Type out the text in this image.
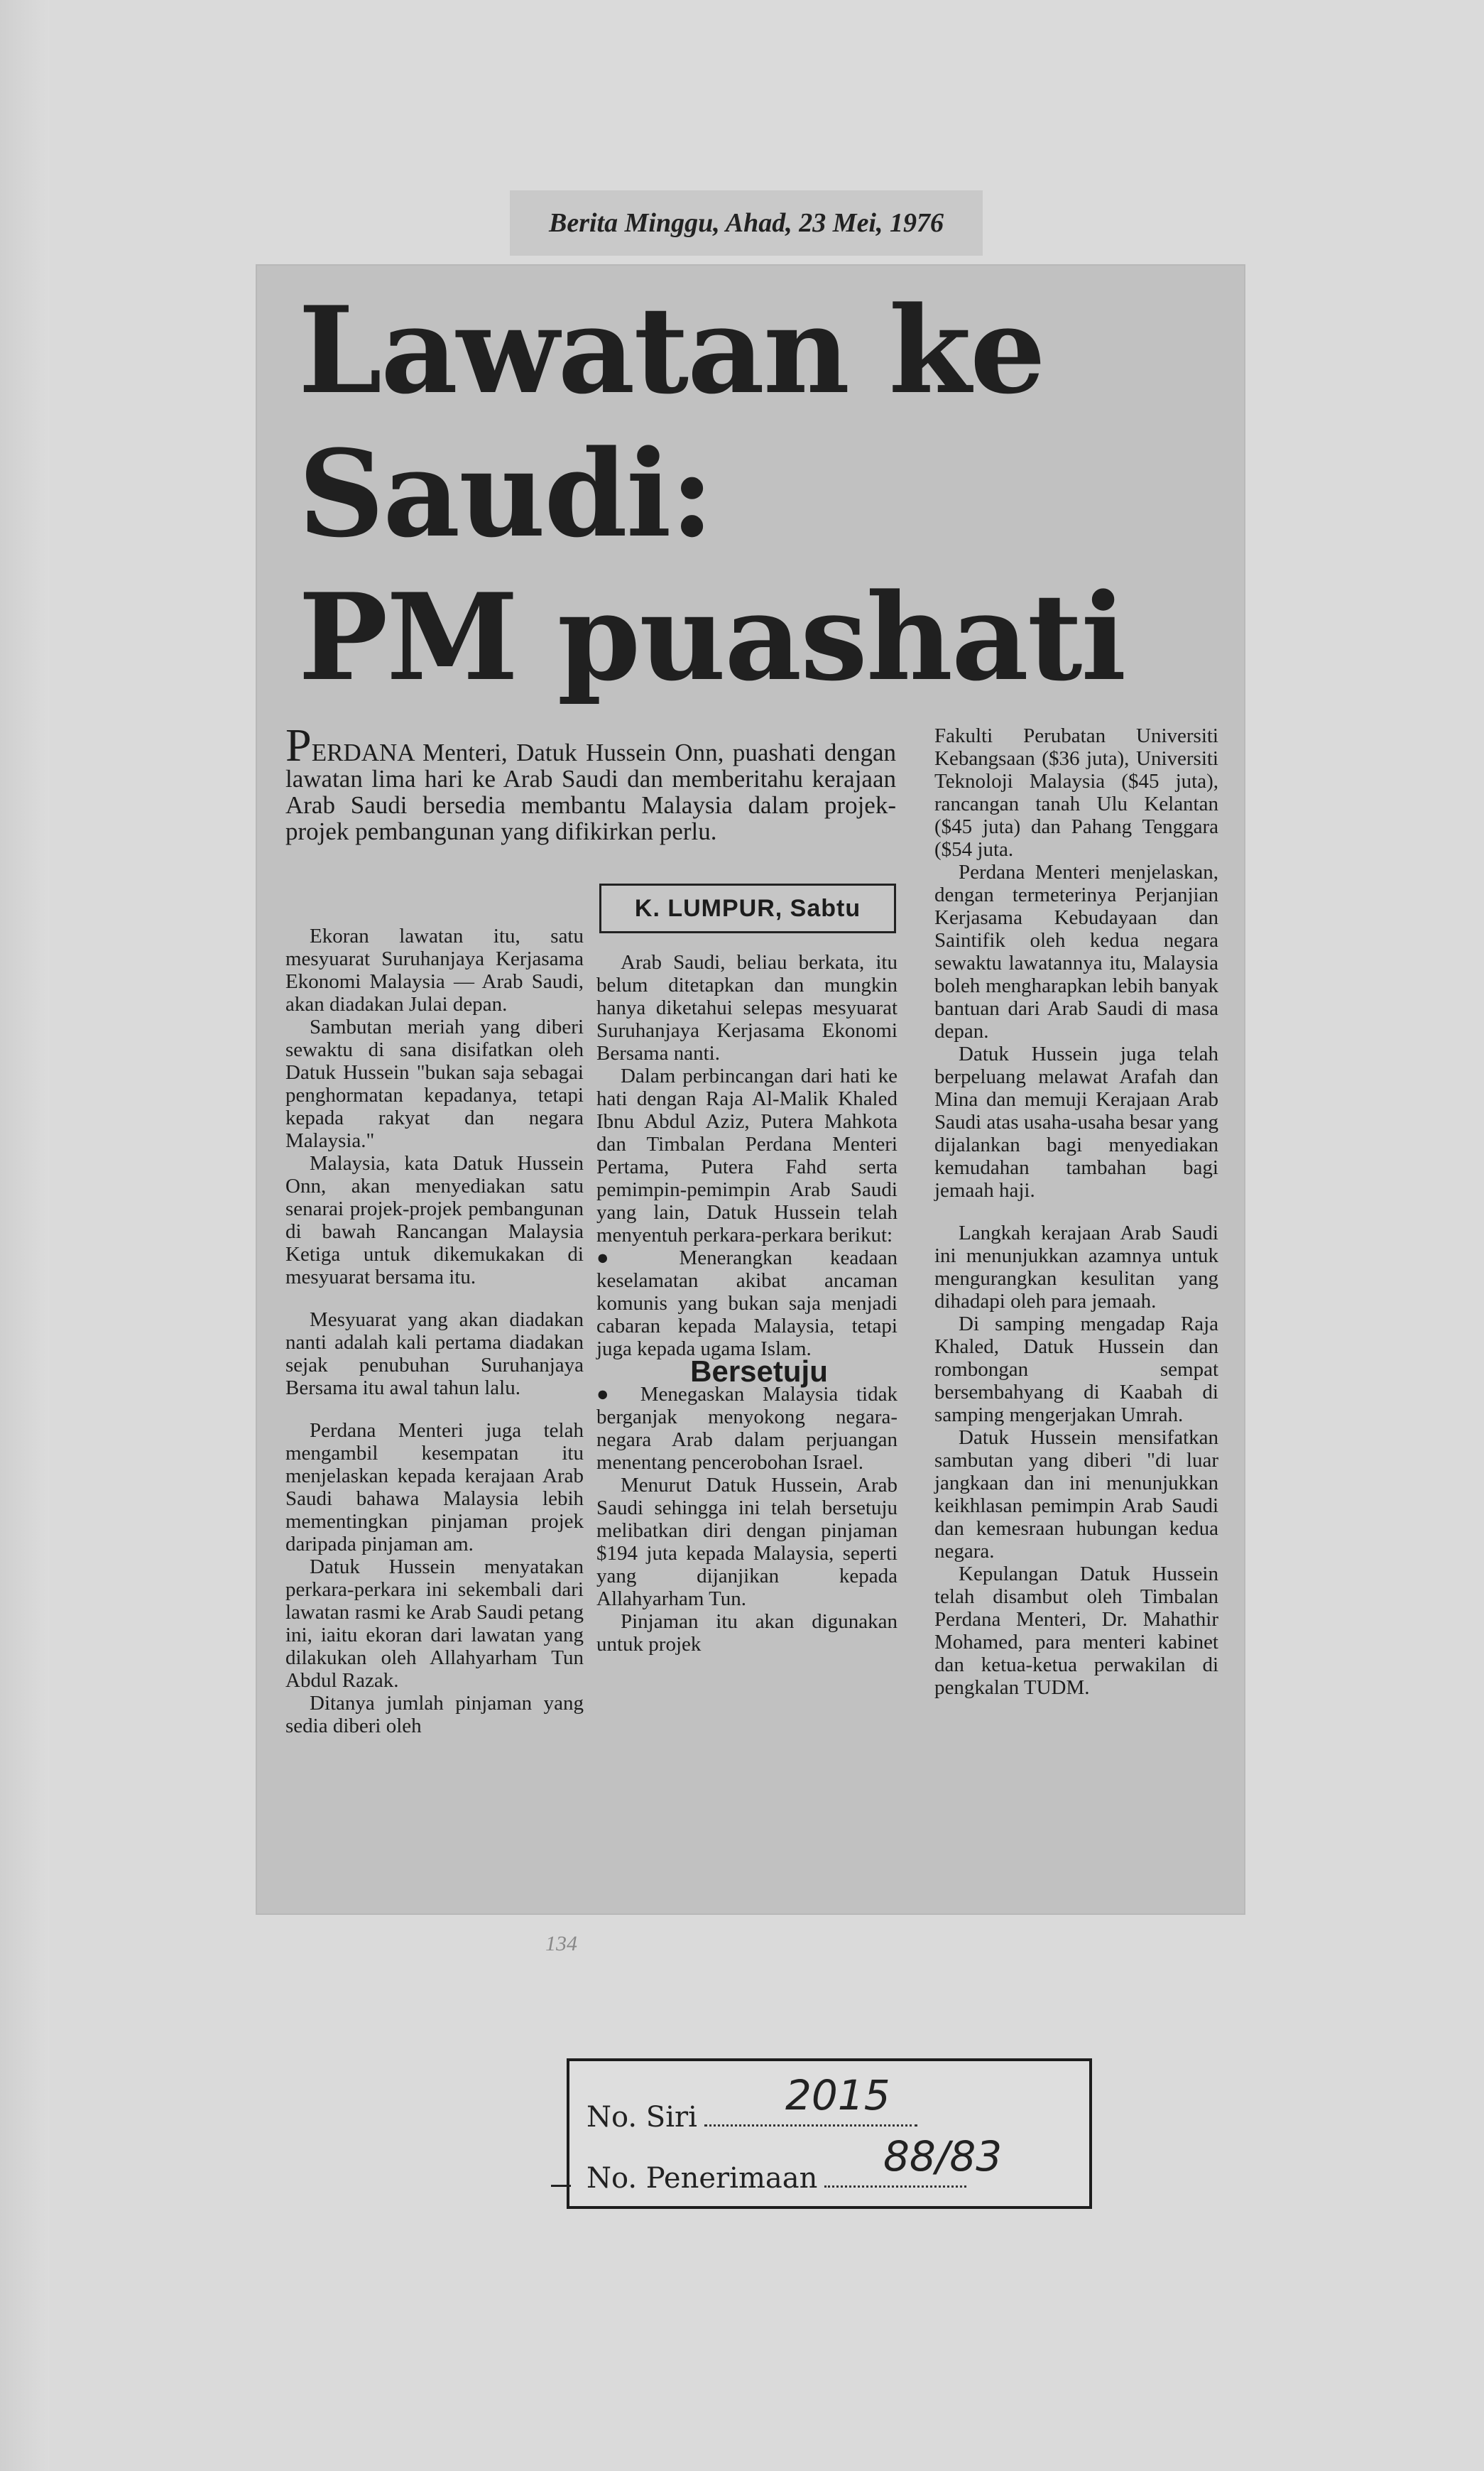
Berita Minggu, Ahad, 23 Mei, 1976
Lawatan ke
Saudi:
PM puashati

PERDANA Menteri, Datuk Hussein Onn, puashati dengan lawatan lima hari ke Arab Saudi dan memberitahu kerajaan Arab Saudi bersedia membantu Malaysia dalam projek-projek pembangunan yang difikirkan perlu.

K. LUMPUR, Sabtu

Ekoran lawatan itu, satu mesyuarat Suruhanjaya Kerjasama Ekonomi Malaysia — Arab Saudi, akan diadakan Julai depan.

Sambutan meriah yang diberi sewaktu di sana disifatkan oleh Datuk Hussein "bukan saja sebagai penghormatan kepadanya, tetapi kepada rakyat dan negara Malaysia."

Malaysia, kata Datuk Hussein Onn, akan menyediakan satu senarai projek-projek pembangunan di bawah Rancangan Malaysia Ketiga untuk dikemukakan di mesyuarat bersama itu.

Mesyuarat yang akan diadakan nanti adalah kali pertama diadakan sejak penubuhan Suruhanjaya Bersama itu awal tahun lalu.

Perdana Menteri juga telah mengambil kesempatan itu menjelaskan kepada kerajaan Arab Saudi bahawa Malaysia lebih mementingkan pinjaman projek daripada pinjaman am.

Datuk Hussein menyatakan perkara-perkara ini sekembali dari lawatan rasmi ke Arab Saudi petang ini, iaitu ekoran dari lawatan yang dilakukan oleh Allahyarham Tun Abdul Razak.

Ditanya jumlah pinjaman yang sedia diberi oleh

Arab Saudi, beliau berkata, itu belum ditetapkan dan mungkin hanya diketahui selepas mesyuarat Suruhanjaya Kerjasama Ekonomi Bersama nanti.

Dalam perbincangan dari hati ke hati dengan Raja Al-Malik Khaled Ibnu Abdul Aziz, Putera Mahkota dan Timbalan Perdana Menteri Pertama, Putera Fahd serta pemimpin-pemimpin Arab Saudi yang lain, Datuk Hussein telah menyentuh perkara-perkara berikut:

● Menerangkan keadaan keselamatan akibat ancaman komunis yang bukan saja menjadi cabaran kepada Malaysia, tetapi juga kepada ugama Islam.

Bersetuju

● Menegaskan Malaysia tidak berganjak menyokong negara-negara Arab dalam perjuangan menentang pencerobohan Israel.

Menurut Datuk Hussein, Arab Saudi sehingga ini telah bersetuju melibatkan diri dengan pinjaman $194 juta kepada Malaysia, seperti yang dijanjikan kepada Allahyarham Tun.

Pinjaman itu akan digunakan untuk projek

Fakulti Perubatan Universiti Kebangsaan ($36 juta), Universiti Teknoloji Malaysia ($45 juta), rancangan tanah Ulu Kelantan ($45 juta) dan Pahang Tenggara ($54 juta.

Perdana Menteri menjelaskan, dengan termeterinya Perjanjian Kerjasama Kebudayaan dan Saintifik oleh kedua negara sewaktu lawatannya itu, Malaysia boleh mengharapkan lebih banyak bantuan dari Arab Saudi di masa depan.

Datuk Hussein juga telah berpeluang melawat Arafah dan Mina dan memuji Kerajaan Arab Saudi atas usaha-usaha besar yang dijalankan bagi menyediakan kemudahan tambahan bagi jemaah haji.

Langkah kerajaan Arab Saudi ini menunjukkan azamnya untuk mengurangkan kesulitan yang dihadapi oleh para jemaah.

Di samping mengadap Raja Khaled, Datuk Hussein dan rombongan sempat bersembahyang di Kaabah di samping mengerjakan Umrah.

Datuk Hussein mensifatkan sambutan yang diberi "di luar jangkaan dan ini menunjukkan keikhlasan pemimpin Arab Saudi dan kemesraan hubungan kedua negara.

Kepulangan Datuk Hussein telah disambut oleh Timbalan Perdana Menteri, Dr. Mahathir Mohamed, para menteri kabinet dan ketua-ketua perwakilan di pengkalan TUDM.

134
No. Siri	2015
No. Penerimaan	88/83
